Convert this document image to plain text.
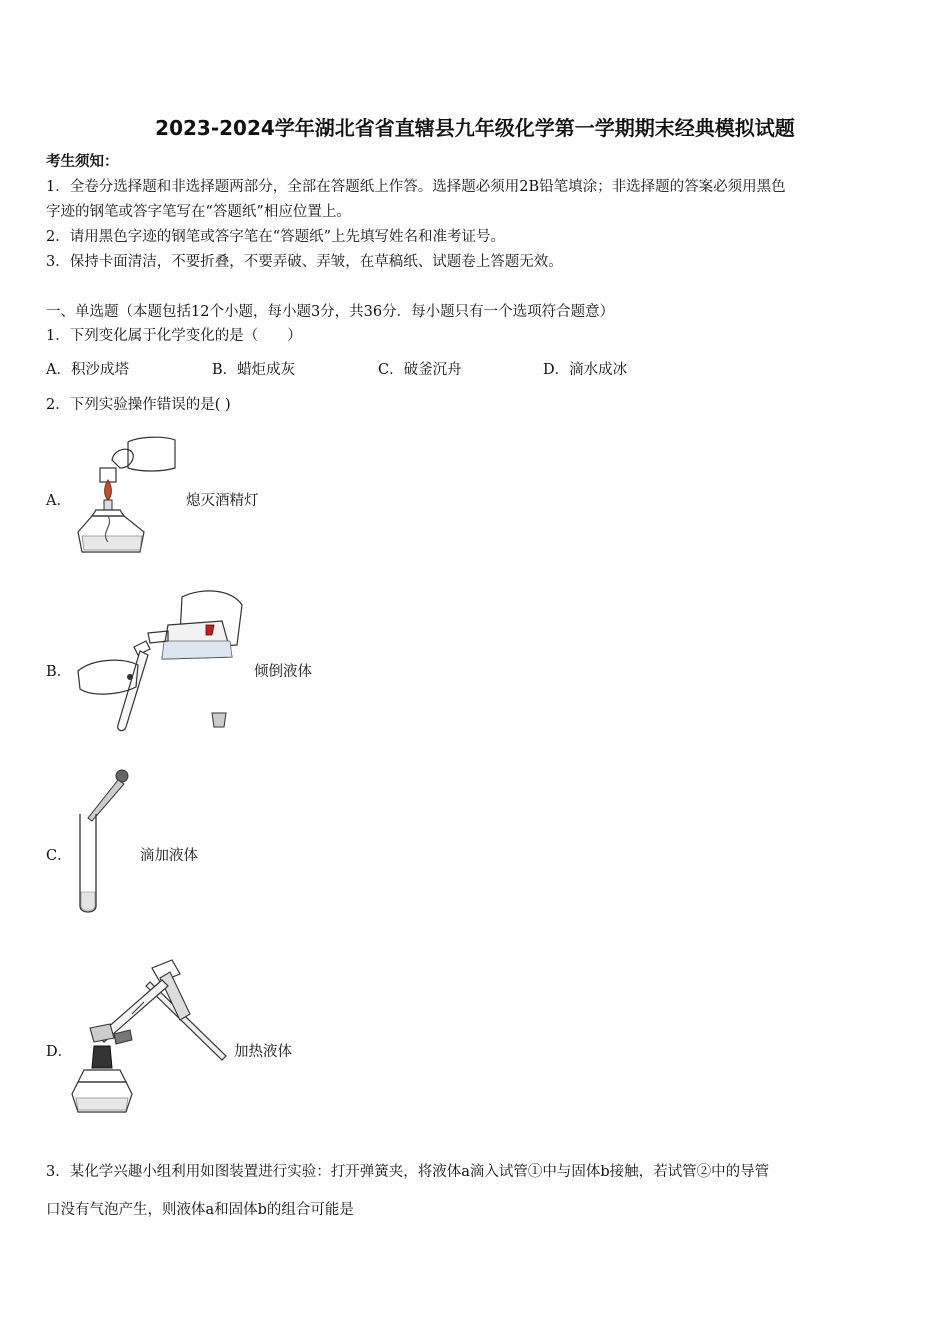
2023-2024学年湖北省省直辖县九年级化学第一学期期末经典模拟试题
考生须知：
1．全卷分选择题和非选择题两部分，全部在答题纸上作答。选择题必须用2B铅笔填涂；非选择题的答案必须用黑色
字迹的钢笔或答字笔写在“答题纸”相应位置上。
2．请用黑色字迹的钢笔或答字笔在“答题纸”上先填写姓名和准考证号。
3．保持卡面清洁，不要折叠，不要弄破、弄皱，在草稿纸、试题卷上答题无效。
一、单选题（本题包括12个小题，每小题3分，共36分．每小题只有一个选项符合题意）
1．下列变化属于化学变化的是（　　）
A．积沙成塔	B．蜡炬成灰	C．破釜沉舟	D．滴水成冰
2．下列实验操作错误的是( )
A．	熄灭酒精灯
B．	倾倒液体
C．	滴加液体
D．	加热液体
3．某化学兴趣小组利用如图装置进行实验：打开弹簧夹，将液体a滴入试管①中与固体b接触，若试管②中的导管
口没有气泡产生，则液体a和固体b的组合可能是
